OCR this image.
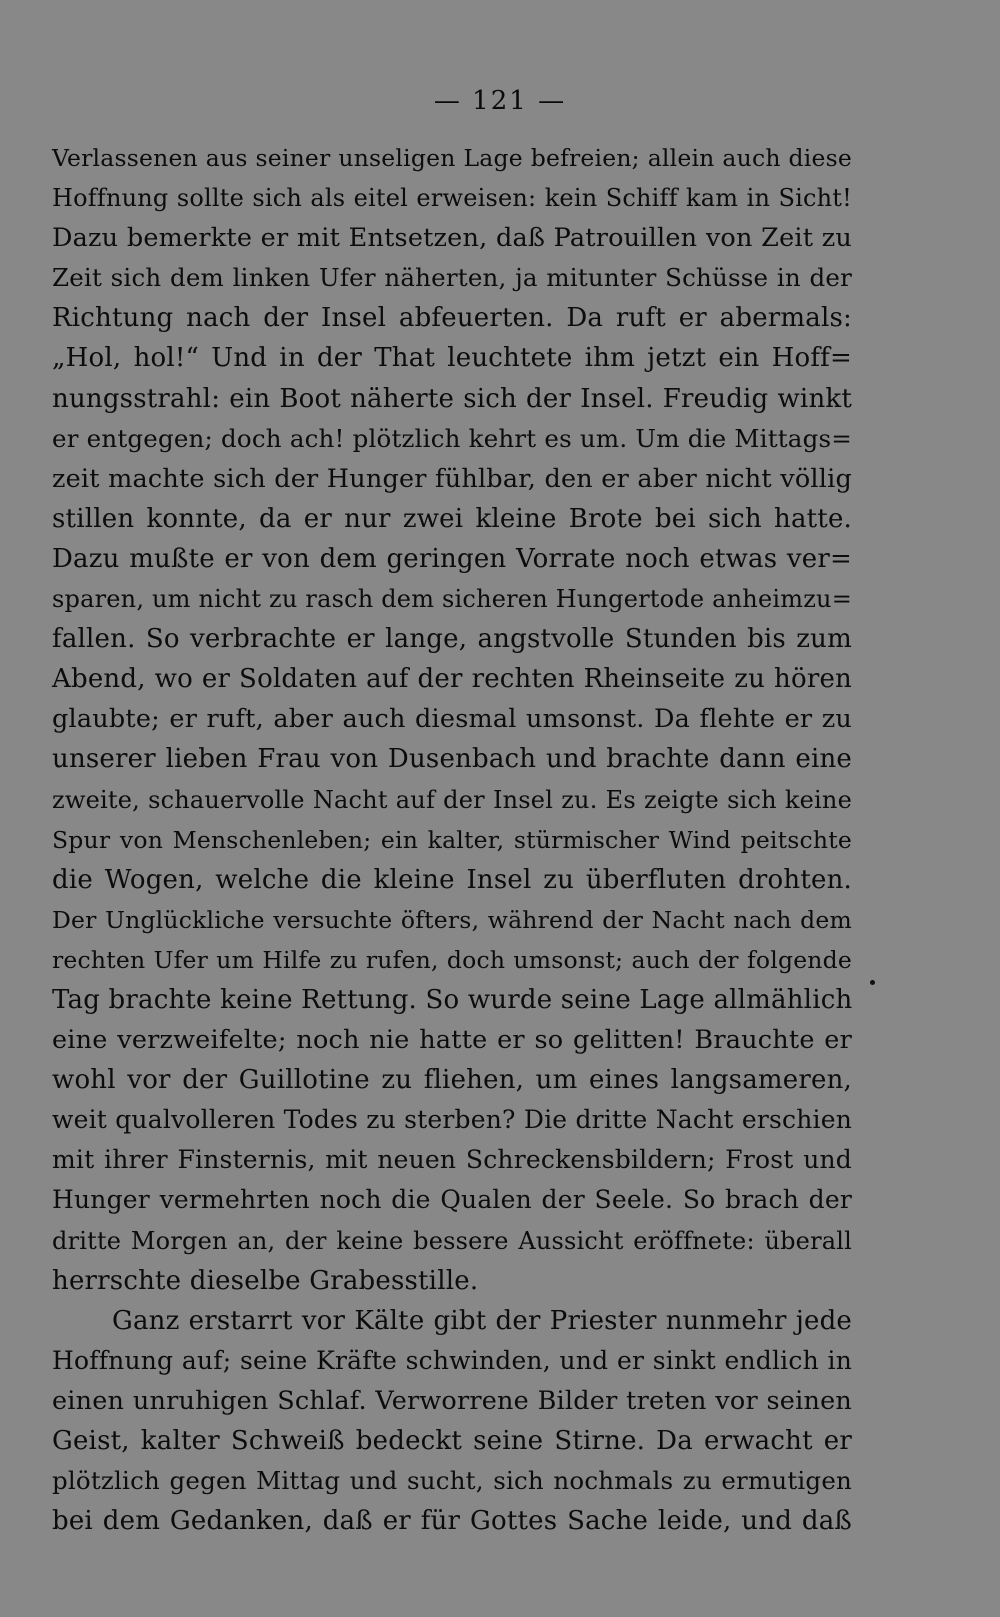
— 121 —
Verlassenen aus seiner unseligen Lage befreien; allein auch diese
Hoffnung sollte sich als eitel erweisen: kein Schiff kam in Sicht!
Dazu bemerkte er mit Entsetzen, daß Patrouillen von Zeit zu
Zeit sich dem linken Ufer näherten, ja mitunter Schüsse in der
Richtung nach der Insel abfeuerten. Da ruft er abermals:
„Hol, hol!“ Und in der That leuchtete ihm jetzt ein Hoff=
nungsstrahl: ein Boot näherte sich der Insel. Freudig winkt
er entgegen; doch ach! plötzlich kehrt es um. Um die Mittags=
zeit machte sich der Hunger fühlbar, den er aber nicht völlig
stillen konnte, da er nur zwei kleine Brote bei sich hatte.
Dazu mußte er von dem geringen Vorrate noch etwas ver=
sparen, um nicht zu rasch dem sicheren Hungertode anheimzu=
fallen. So verbrachte er lange, angstvolle Stunden bis zum
Abend, wo er Soldaten auf der rechten Rheinseite zu hören
glaubte; er ruft, aber auch diesmal umsonst. Da flehte er zu
unserer lieben Frau von Dusenbach und brachte dann eine
zweite, schauervolle Nacht auf der Insel zu. Es zeigte sich keine
Spur von Menschenleben; ein kalter, stürmischer Wind peitschte
die Wogen, welche die kleine Insel zu überfluten drohten.
Der Unglückliche versuchte öfters, während der Nacht nach dem
rechten Ufer um Hilfe zu rufen, doch umsonst; auch der folgende
Tag brachte keine Rettung. So wurde seine Lage allmählich
eine verzweifelte; noch nie hatte er so gelitten! Brauchte er
wohl vor der Guillotine zu fliehen, um eines langsameren,
weit qualvolleren Todes zu sterben? Die dritte Nacht erschien
mit ihrer Finsternis, mit neuen Schreckensbildern; Frost und
Hunger vermehrten noch die Qualen der Seele. So brach der
dritte Morgen an, der keine bessere Aussicht eröffnete: überall
herrschte dieselbe Grabesstille.
Ganz erstarrt vor Kälte gibt der Priester nunmehr jede
Hoffnung auf; seine Kräfte schwinden, und er sinkt endlich in
einen unruhigen Schlaf. Verworrene Bilder treten vor seinen
Geist, kalter Schweiß bedeckt seine Stirne. Da erwacht er
plötzlich gegen Mittag und sucht, sich nochmals zu ermutigen
bei dem Gedanken, daß er für Gottes Sache leide, und daß
